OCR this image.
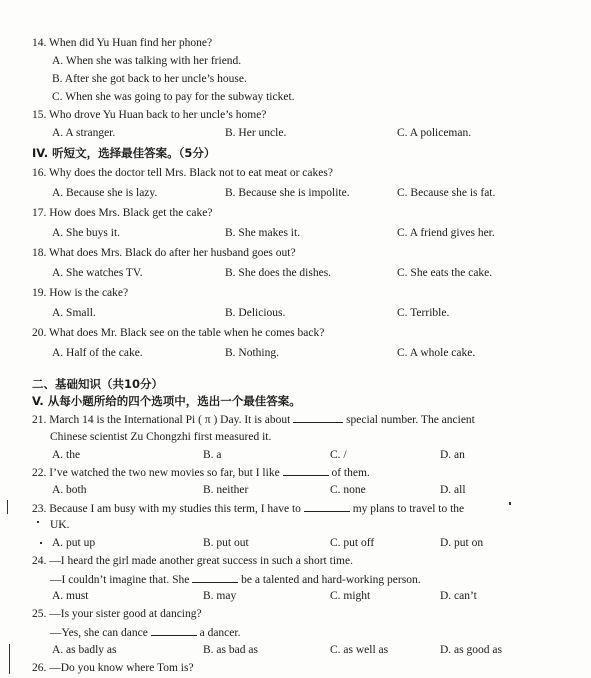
14. When did Yu Huan find her phone?
A. When she was talking with her friend.
B. After she got back to her uncle’s house.
C. When she was going to pay for the subway ticket.
15. Who drove Yu Huan back to her uncle’s home?
A. A stranger.	B. Her uncle.	C. A policeman.
IV. 听短文，选择最佳答案。（5分）
16. Why does the doctor tell Mrs. Black not to eat meat or cakes?
A. Because she is lazy.	B. Because she is impolite.	C. Because she is fat.
17. How does Mrs. Black get the cake?
A. She buys it.	B. She makes it.	C. A friend gives her.
18. What does Mrs. Black do after her husband goes out?
A. She watches TV.	B. She does the dishes.	C. She eats the cake.
19. How is the cake?
A. Small.	B. Delicious.	C. Terrible.
20. What does Mr. Black see on the table when he comes back?
A. Half of the cake.	B. Nothing.	C. A whole cake.
二、基础知识（共10分）
V. 从每小题所给的四个选项中，选出一个最佳答案。
21. March 14 is the International Pi ( π ) Day. It is about	special number. The ancient
Chinese scientist Zu Chongzhi first measured it.
A. the	B. a	C. /	D. an
22. I’ve watched the two new movies so far, but I like	of them.
A. both	B. neither	C. none	D. all
23. Because I am busy with my studies this term, I have to	my plans to travel to the
UK.
A. put up	B. put out	C. put off	D. put on
24. —I heard the girl made another great success in such a short time.
—I couldn’t imagine that. She	be a talented and hard-working person.
A. must	B. may	C. might	D. can’t
25. —Is your sister good at dancing?
—Yes, she can dance	a dancer.
A. as badly as	B. as bad as	C. as well as	D. as good as
26. —Do you know where Tom is?
